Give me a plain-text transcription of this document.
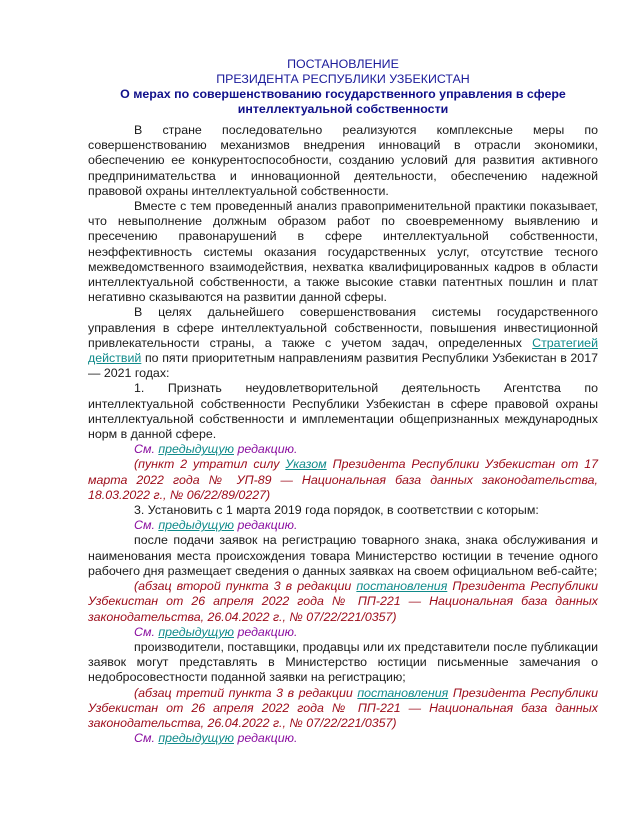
ПОСТАНОВЛЕНИЕ
ПРЕЗИДЕНТА РЕСПУБЛИКИ УЗБЕКИСТАН
О мерах по совершенствованию государственного управления в сфере интеллектуальной собственности

В стране последовательно реализуются комплексные меры по совершенствованию механизмов внедрения инноваций в отрасли экономики, обеспечению ее конкурентоспособности, созданию условий для развития активного предпринимательства и инновационной деятельности, обеспечению надежной правовой охраны интеллектуальной собственности.

Вместе с тем проведенный анализ правоприменительной практики показывает, что невыполнение должным образом работ по своевременному выявлению и пресечению правонарушений в сфере интеллектуальной собственности, неэффективность системы оказания государственных услуг, отсутствие тесного межведомственного взаимодействия, нехватка квалифицированных кадров в области интеллектуальной собственности, а также высокие ставки патентных пошлин и плат негативно сказываются на развитии данной сферы.

В целях дальнейшего совершенствования системы государственного управления в сфере интеллектуальной собственности, повышения инвестиционной привлекательности страны, а также с учетом задач, определенных Стратегией действий по пяти приоритетным направлениям развития Республики Узбекистан в 2017 — 2021 годах:

1. Признать неудовлетворительной деятельность Агентства по интеллектуальной собственности Республики Узбекистан в сфере правовой охраны интеллектуальной собственности и имплементации общепризнанных международных норм в данной сфере.

См. предыдущую редакцию.

(пункт 2 утратил силу Указом Президента Республики Узбекистан от 17 марта 2022 года № УП-89 — Национальная база данных законодательства, 18.03.2022 г., № 06/22/89/0227)

3. Установить с 1 марта 2019 года порядок, в соответствии с которым:

См. предыдущую редакцию.

после подачи заявок на регистрацию товарного знака, знака обслуживания и наименования места происхождения товара Министерство юстиции в течение одного рабочего дня размещает сведения о данных заявках на своем официальном веб-сайте;

(абзац второй пункта 3 в редакции постановления Президента Республики Узбекистан от 26 апреля 2022 года № ПП-221 — Национальная база данных законодательства, 26.04.2022 г., № 07/22/221/0357)

См. предыдущую редакцию.

производители, поставщики, продавцы или их представители после публикации заявок могут представлять в Министерство юстиции письменные замечания о недобросовестности поданной заявки на регистрацию;

(абзац третий пункта 3 в редакции постановления Президента Республики Узбекистан от 26 апреля 2022 года № ПП-221 — Национальная база данных законодательства, 26.04.2022 г., № 07/22/221/0357)

См. предыдущую редакцию.
